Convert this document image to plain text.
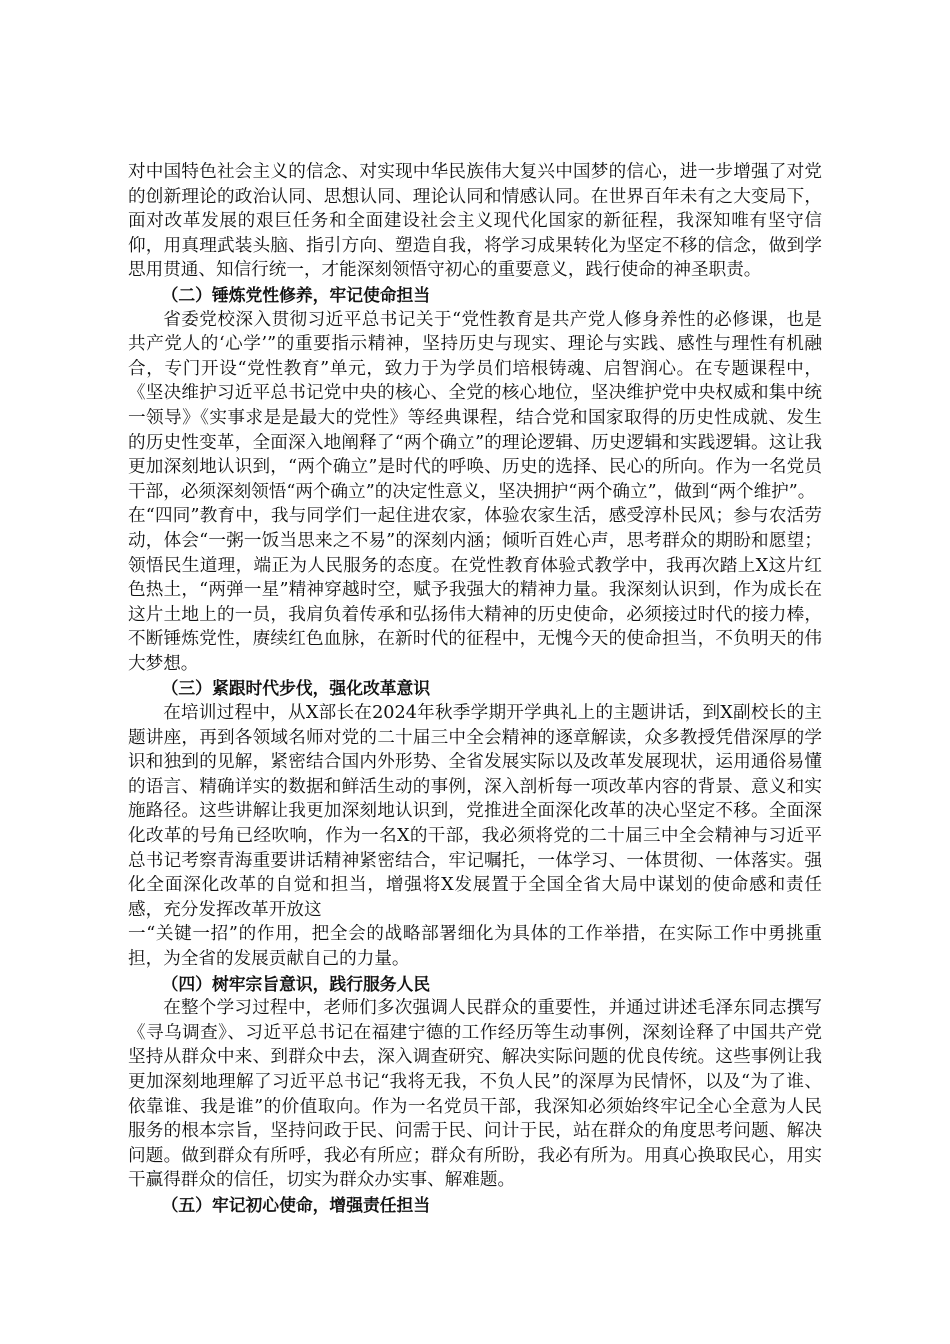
对中国特色社会主义的信念、对实现中华民族伟大复兴中国梦的信心，进一步增强了对党的创新理论的政治认同、思想认同、理论认同和情感认同。在世界百年未有之大变局下，面对改革发展的艰巨任务和全面建设社会主义现代化国家的新征程，我深知唯有坚守信仰，用真理武装头脑、指引方向、塑造自我，将学习成果转化为坚定不移的信念，做到学思用贯通、知信行统一，才能深刻领悟守初心的重要意义，践行使命的神圣职责。

（二）锤炼党性修养，牢记使命担当

省委党校深入贯彻习近平总书记关于“党性教育是共产党人修身养性的必修课，也是共产党人的‘心学’”的重要指示精神，坚持历史与现实、理论与实践、感性与理性有机融合，专门开设“党性教育”单元，致力于为学员们培根铸魂、启智润心。在专题课程中，《坚决维护习近平总书记党中央的核心、全党的核心地位，坚决维护党中央权威和集中统一领导》《实事求是是最大的党性》等经典课程，结合党和国家取得的历史性成就、发生的历史性变革，全面深入地阐释了“两个确立”的理论逻辑、历史逻辑和实践逻辑。这让我更加深刻地认识到，“两个确立”是时代的呼唤、历史的选择、民心的所向。作为一名党员干部，必须深刻领悟“两个确立”的决定性意义，坚决拥护“两个确立”，做到“两个维护”。

在“四同”教育中，我与同学们一起住进农家，体验农家生活，感受淳朴民风；参与农活劳动，体会“一粥一饭当思来之不易”的深刻内涵；倾听百姓心声，思考群众的期盼和愿望；领悟民生道理，端正为人民服务的态度。在党性教育体验式教学中，我再次踏上X这片红色热土，“两弹一星”精神穿越时空，赋予我强大的精神力量。我深刻认识到，作为成长在这片土地上的一员，我肩负着传承和弘扬伟大精神的历史使命，必须接过时代的接力棒，不断锤炼党性，赓续红色血脉，在新时代的征程中，无愧今天的使命担当，不负明天的伟大梦想。

（三）紧跟时代步伐，强化改革意识

在培训过程中，从X部长在2024年秋季学期开学典礼上的主题讲话，到X副校长的主题讲座，再到各领域名师对党的二十届三中全会精神的逐章解读，众多教授凭借深厚的学识和独到的见解，紧密结合国内外形势、全省发展实际以及改革发展现状，运用通俗易懂的语言、精确详实的数据和鲜活生动的事例，深入剖析每一项改革内容的背景、意义和实施路径。这些讲解让我更加深刻地认识到，党推进全面深化改革的决心坚定不移。全面深化改革的号角已经吹响，作为一名X的干部，我必须将党的二十届三中全会精神与习近平总书记考察青海重要讲话精神紧密结合，牢记嘱托，一体学习、一体贯彻、一体落实。强化全面深化改革的自觉和担当，增强将X发展置于全国全省大局中谋划的使命感和责任感，充分发挥改革开放这

一“关键一招”的作用，把全会的战略部署细化为具体的工作举措，在实际工作中勇挑重担，为全省的发展贡献自己的力量。

（四）树牢宗旨意识，践行服务人民

在整个学习过程中，老师们多次强调人民群众的重要性，并通过讲述毛泽东同志撰写《寻乌调查》、习近平总书记在福建宁德的工作经历等生动事例，深刻诠释了中国共产党坚持从群众中来、到群众中去，深入调查研究、解决实际问题的优良传统。这些事例让我更加深刻地理解了习近平总书记“我将无我，不负人民”的深厚为民情怀，以及“为了谁、依靠谁、我是谁”的价值取向。作为一名党员干部，我深知必须始终牢记全心全意为人民服务的根本宗旨，坚持问政于民、问需于民、问计于民，站在群众的角度思考问题、解决问题。做到群众有所呼，我必有所应；群众有所盼，我必有所为。用真心换取民心，用实干赢得群众的信任，切实为群众办实事、解难题。

（五）牢记初心使命，增强责任担当
